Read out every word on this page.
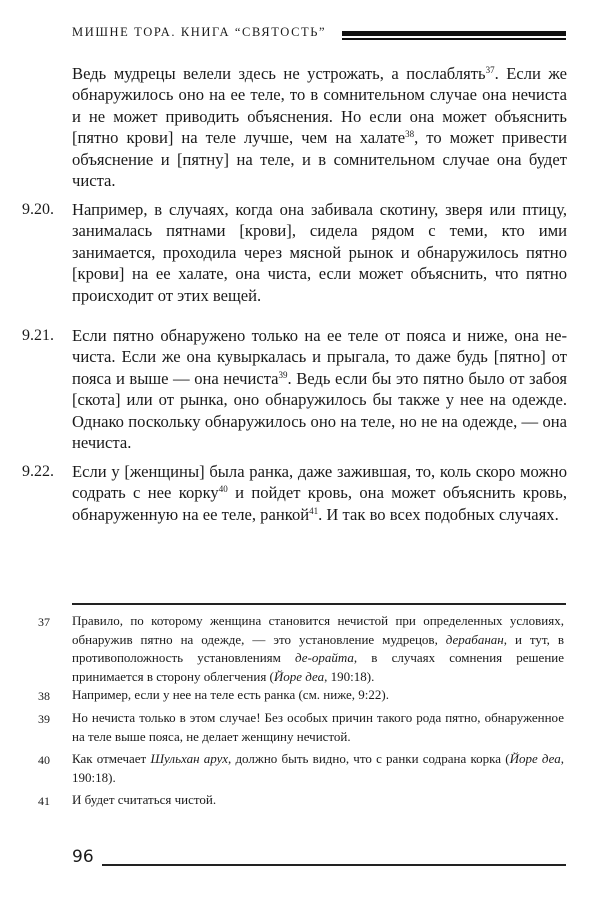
МИШНЕ ТОРА. КНИГА “СВЯТОСТЬ”
Ведь мудрецы велели здесь не устрожать, а послаблять$^{37}$. Если же обнаружилось оно на ее теле, то в сомнительном случае она нечиста и не может приводить объяснения. Но если она может объяснить [пятно крови] на теле лучше, чем на халате$^{38}$, то может привести объяснение и [пятну] на теле, и в сомнительном случае она будет чиста.
9.20. Например, в случаях, когда она забивала скотину, зверя или птицу, занималась пятнами [крови], сидела рядом с теми, кто ими занимается, проходила через мясной рынок и обнаружилось пятно [крови] на ее халате, она чиста, если может объяснить, что пятно происходит от этих вещей.
9.21. Если пятно обнаружено только на ее теле от пояса и ниже, она нечиста. Если же она кувыркалась и прыгала, то даже будь [пятно] от пояса и выше — она нечиста$^{39}$. Ведь если бы это пятно было от забоя [скота] или от рынка, оно обнаружилось бы также у нее на одежде. Однако поскольку обнаружилось оно на теле, но не на одежде, — она нечиста.
9.22. Если у [женщины] была ранка, даже зажившая, то, коль скоро можно содрать с нее корку$^{40}$ и пойдет кровь, она может объяснить кровь, обнаруженную на ее теле, ранкой$^{41}$. И так во всех подобных случаях.
37 Правило, по которому женщина становится нечистой при определенных условиях, обнаружив пятно на одежде, — это установление мудрецов, дерабанан, и тут, в противоположность установлениям де-орайта, в случаях сомнения решение принимается в сторону облегчения (Йоре деа, 190:18).
38 Например, если у нее на теле есть ранка (см. ниже, 9:22).
39 Но нечиста только в этом случае! Без особых причин такого рода пятно, обнаруженное на теле выше пояса, не делает женщину нечистой.
40 Как отмечает Шульхан арух, должно быть видно, что с ранки содрана корка (Йоре деа, 190:18).
41 И будет считаться чистой.
96
